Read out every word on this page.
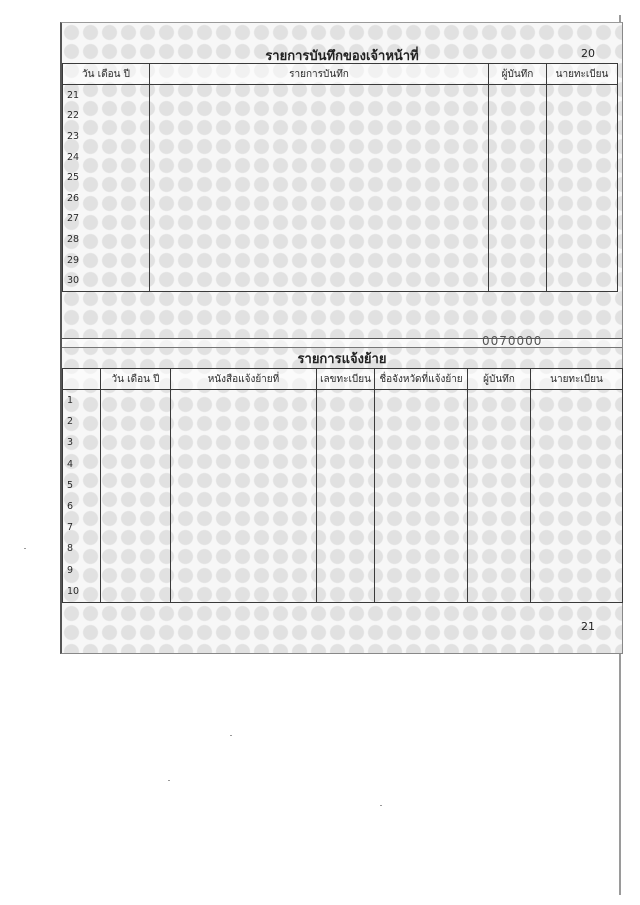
รายการบันทึกของเจ้าหน้าที่	20
วัน เดือน ปี	รายการบันทึก	ผู้บันทึก	นายทะเบียน
21			
22			
23			
24			
25			
26			
27			
28			
29			
30			
0070000
รายการแจ้งย้าย
	วัน เดือน ปี	หนังสือแจ้งย้ายที่	เลขทะเบียน	ชื่อจังหวัดที่แจ้งย้าย	ผู้บันทึก	นายทะเบียน
1						
2						
3						
4						
5						
6						
7						
8						
9						
10						
21
